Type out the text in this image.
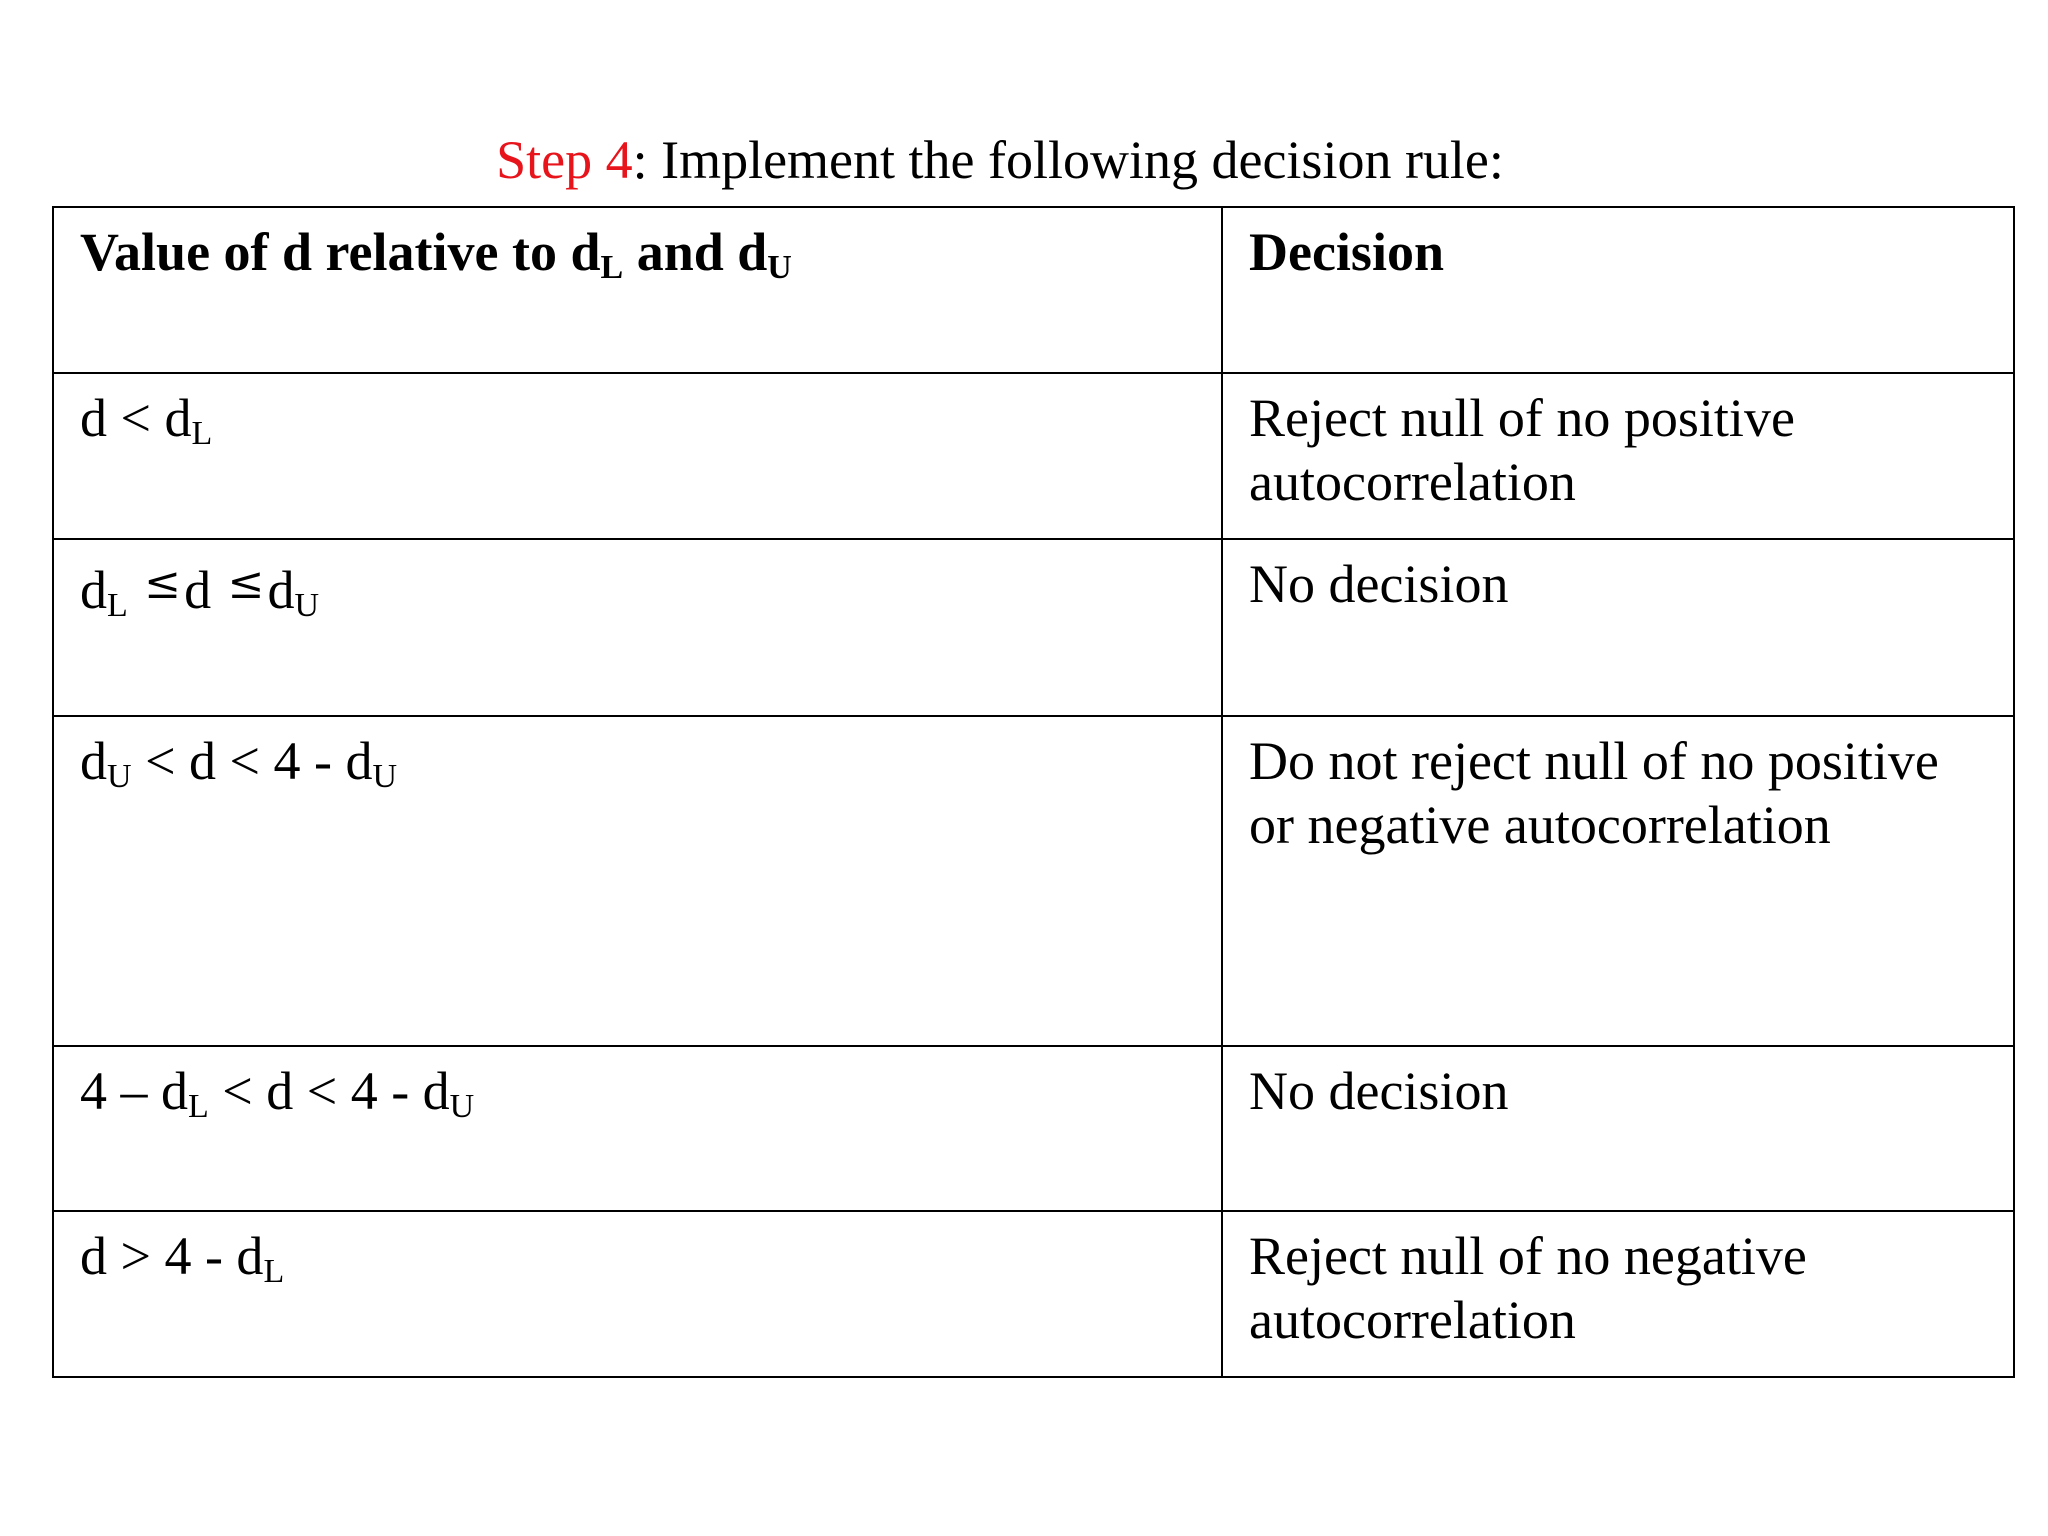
Step 4: Implement the following decision rule:
Value of d relative to $d_L$ and $d_U$	Decision
$d < d_L$	Reject null of no positive autocorrelation
$d_L \le d \le d_U$	No decision
$d_U < d < 4 - d_U$	Do not reject null of no positive or negative autocorrelation
$4 - d_L < d < 4 - d_U$	No decision
$d > 4 - d_L$	Reject null of no negative autocorrelation
